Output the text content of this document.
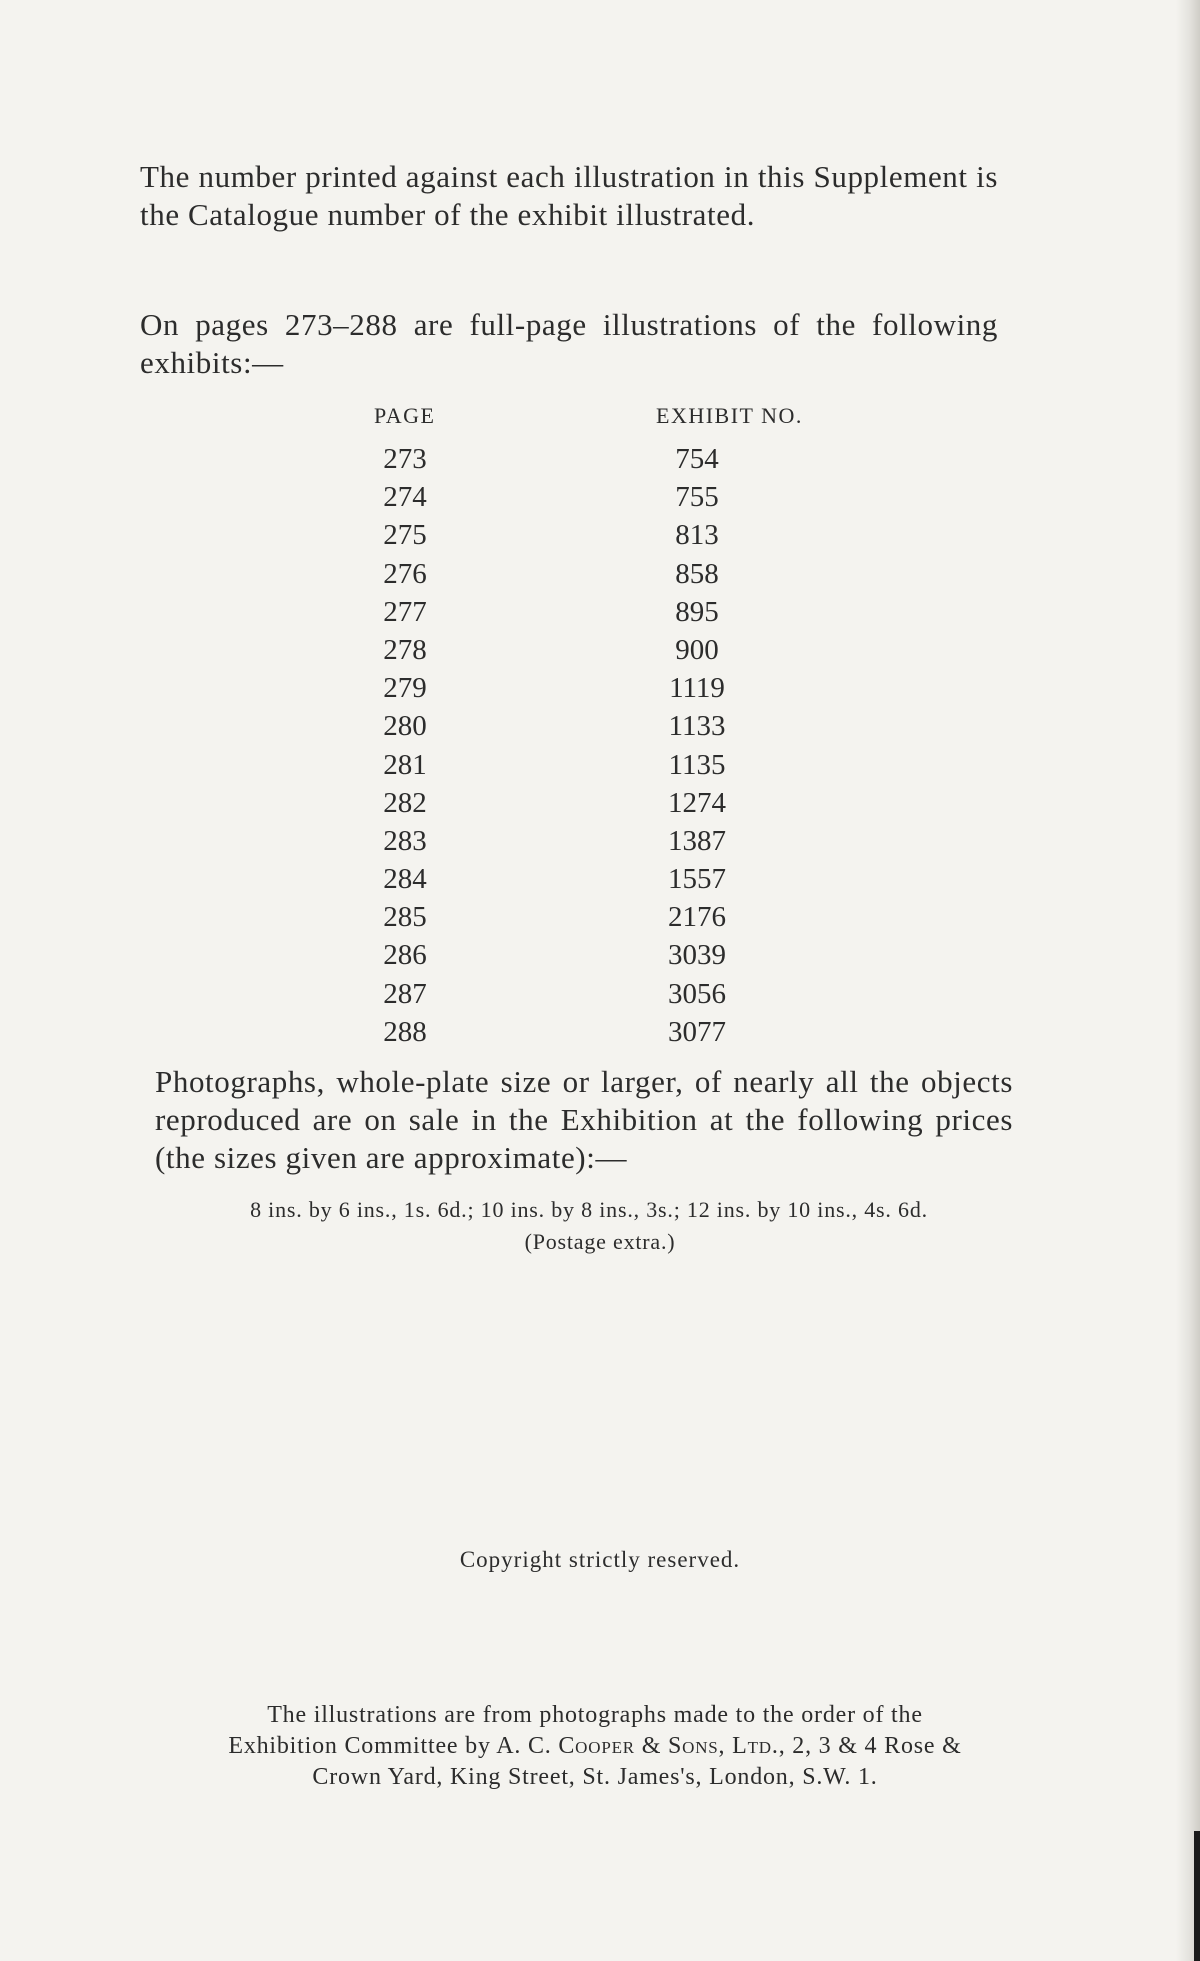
The number printed against each illustration in this Supplement is the Catalogue number of the exhibit illustrated.

On pages 273–288 are full-page illustrations of the following exhibits:—

PAGE	EXHIBIT NO.
273	754
274	755
275	813
276	858
277	895
278	900
279	1119
280	1133
281	1135
282	1274
283	1387
284	1557
285	2176
286	3039
287	3056
288	3077

Photographs, whole-plate size or larger, of nearly all the objects reproduced are on sale in the Exhibition at the following prices (the sizes given are approximate):—

8 ins. by 6 ins., 1s. 6d.; 10 ins. by 8 ins., 3s.; 12 ins. by 10 ins., 4s. 6d.
(Postage extra.)
Copyright strictly reserved.
The illustrations are from photographs made to the order of the
Exhibition Committee by A. C. Cooper & Sons, Ltd., 2, 3 & 4 Rose &
Crown Yard, King Street, St. James's, London, S.W. 1.
